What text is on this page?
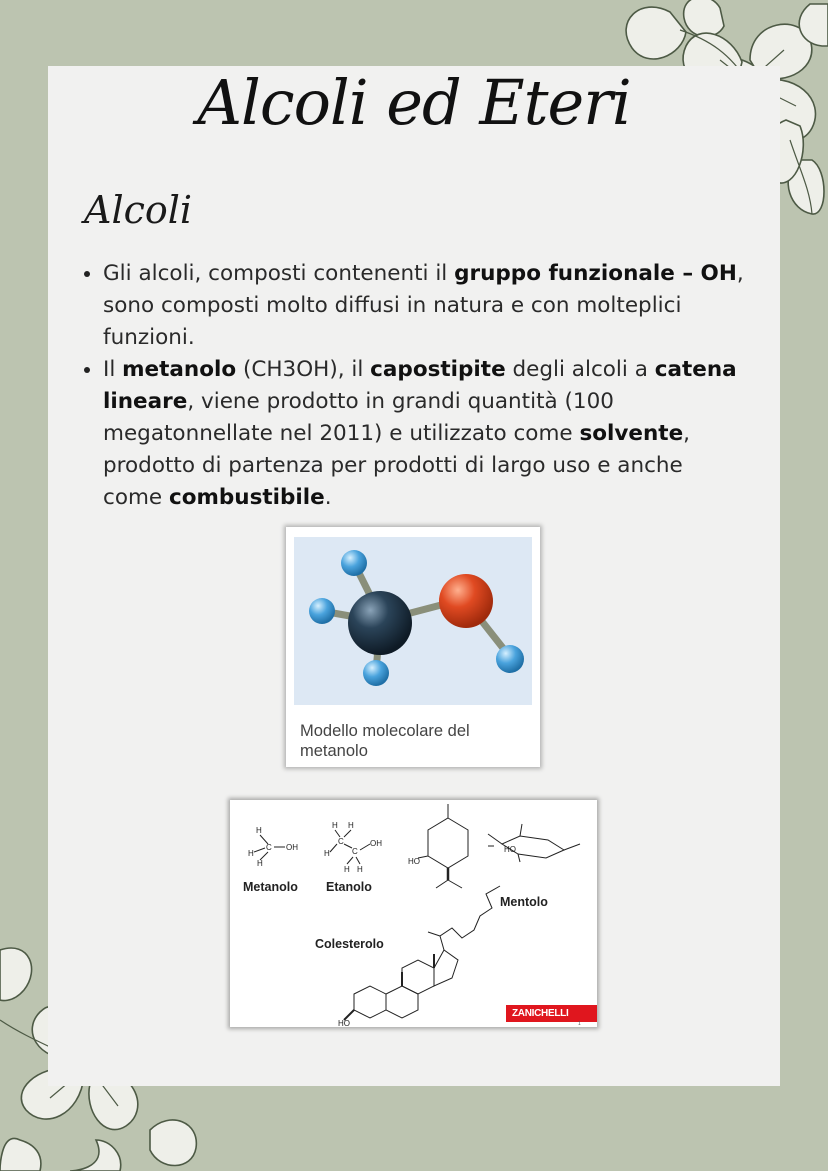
Alcoli ed Eteri
Alcoli
Gli alcoli, composti contenenti il gruppo funzionale – OH, sono composti molto diffusi in natura e con molteplici funzioni.
Il metanolo (CH3OH), il capostipite degli alcoli a catena lineare, viene prodotto in grandi quantità (100 megatonnellate nel 2011) e utilizzato come solvente, prodotto di partenza per prodotti di largo uso e anche come combustibile.
Modello molecolare del metanolo
H
H
H
C OH
H H
H
C
C
OH
H H
HO
HO
HO
Metanolo Etanolo
Mentolo
Colesterolo
ZANICHELLI
1
